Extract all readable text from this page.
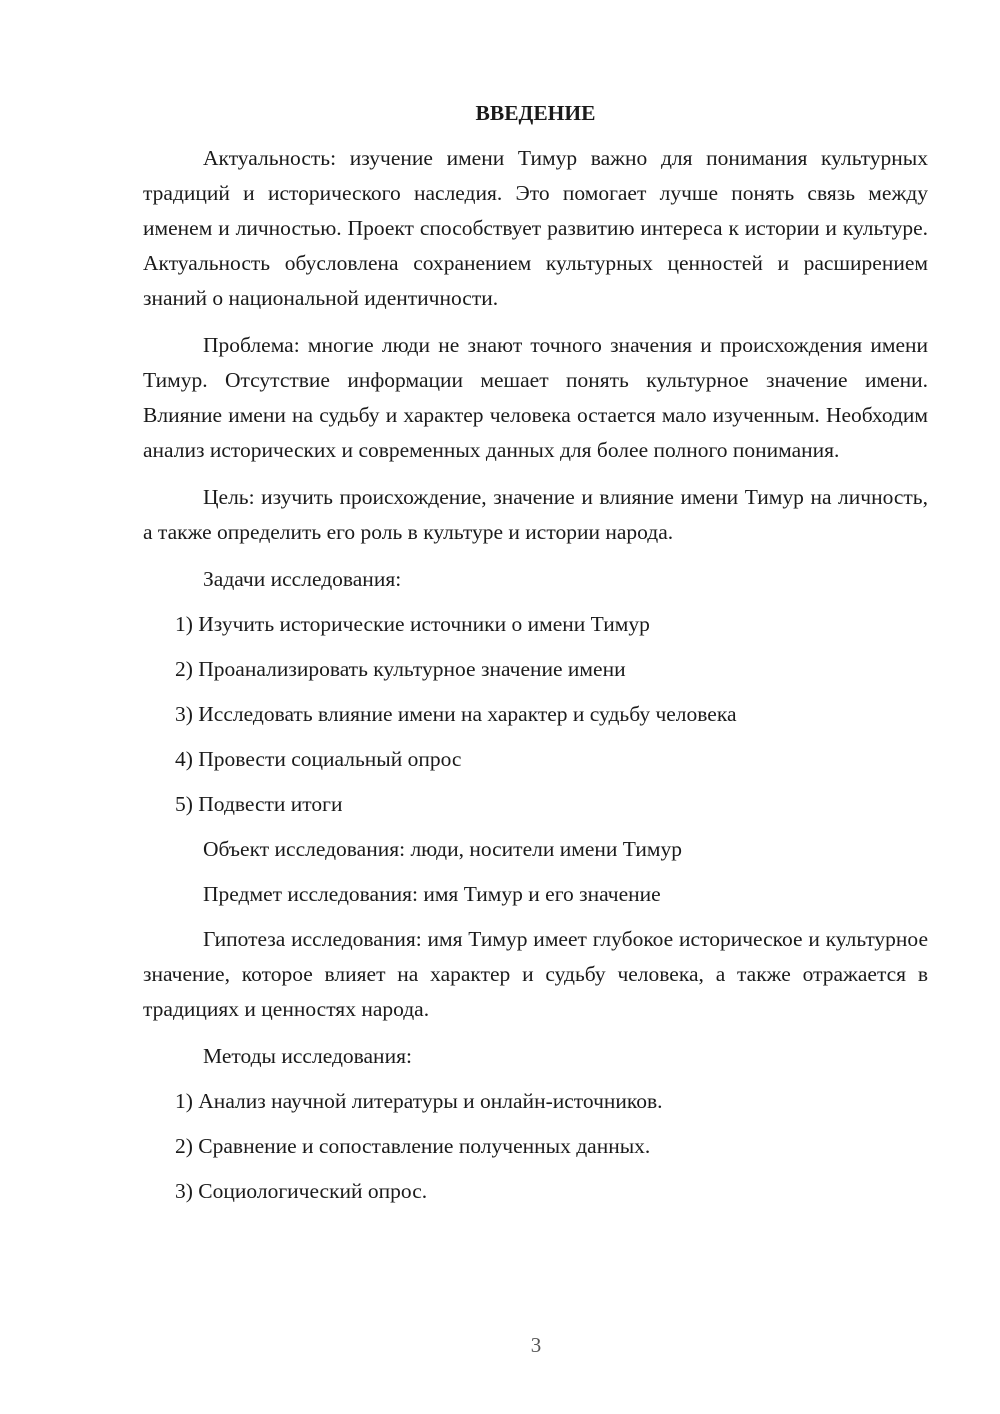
ВВЕДЕНИЕ

Актуальность: изучение имени Тимур важно для понимания культурных традиций и исторического наследия. Это помогает лучше понять связь между именем и личностью. Проект способствует развитию интереса к истории и культуре. Актуальность обусловлена сохранением культурных ценностей и расширением знаний о национальной идентичности.

Проблема: многие люди не знают точного значения и происхождения имени Тимур. Отсутствие информации мешает понять культурное значение имени. Влияние имени на судьбу и характер человека остается мало изученным. Необходим анализ исторических и современных данных для более полного понимания.

Цель: изучить происхождение, значение и влияние имени Тимур на личность, а также определить его роль в культуре и истории народа.

Задачи исследования:

1) Изучить исторические источники о имени Тимур

2) Проанализировать культурное значение имени

3) Исследовать влияние имени на характер и судьбу человека

4) Провести социальный опрос

5) Подвести итоги

Объект исследования: люди, носители имени Тимур

Предмет исследования: имя Тимур и его значение

Гипотеза исследования: имя Тимур имеет глубокое историческое и культурное значение, которое влияет на характер и судьбу человека, а также отражается в традициях и ценностях народа.

Методы исследования:

1) Анализ научной литературы и онлайн-источников.

2) Сравнение и сопоставление полученных данных.

3) Социологический опрос.

3
